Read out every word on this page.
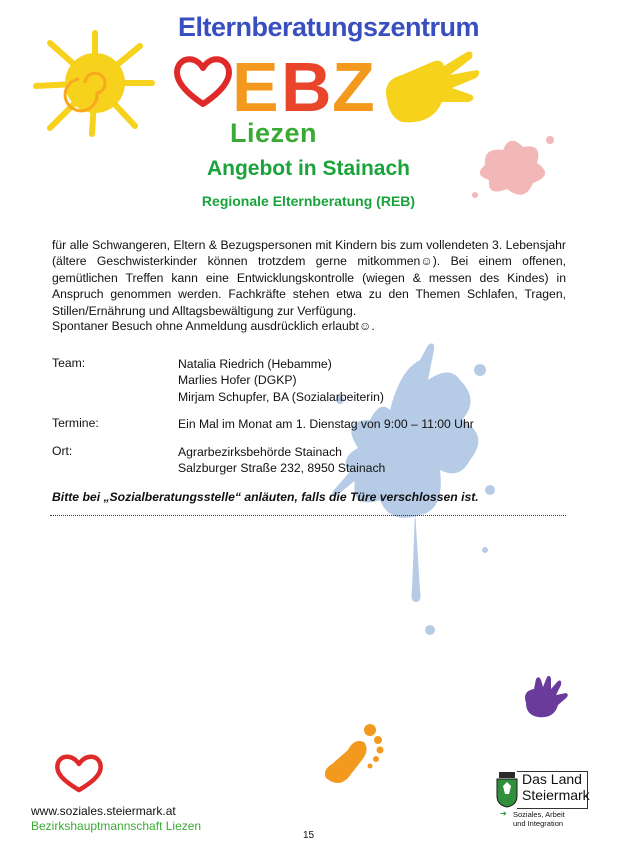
Elternberatungszentrum
E B Z
Liezen
Angebot in Stainach
Regionale Elternberatung (REB)
für alle Schwangeren, Eltern & Bezugspersonen mit Kindern bis zum vollendeten 3. Lebensjahr (ältere Geschwisterkinder können trotzdem gerne mitkommen☺). Bei einem offenen, gemütlichen Treffen kann eine Entwicklungskontrolle (wiegen & messen des Kindes) in Anspruch genommen werden. Fachkräfte stehen etwa zu den Themen Schlafen, Tragen, Stillen/Ernährung und Alltagsbewältigung zur Verfügung.
Spontaner Besuch ohne Anmeldung ausdrücklich erlaubt☺.
Team:	Natalia Riedrich (Hebamme)
Marlies Hofer (DGKP)
Mirjam Schupfer, BA (Sozialarbeiterin)
Termine:	Ein Mal im Monat am 1. Dienstag von 9:00 – 11:00 Uhr
Ort:	Agrarbezirksbehörde Stainach
Salzburger Straße 232, 8950 Stainach
Bitte bei „Sozialberatungsstelle“ anläuten, falls die Türe verschlossen ist.
www.soziales.steiermark.at
Bezirkshauptmannschaft Liezen
15
Das Land
Steiermark
➔ Soziales, Arbeit
und Integration
